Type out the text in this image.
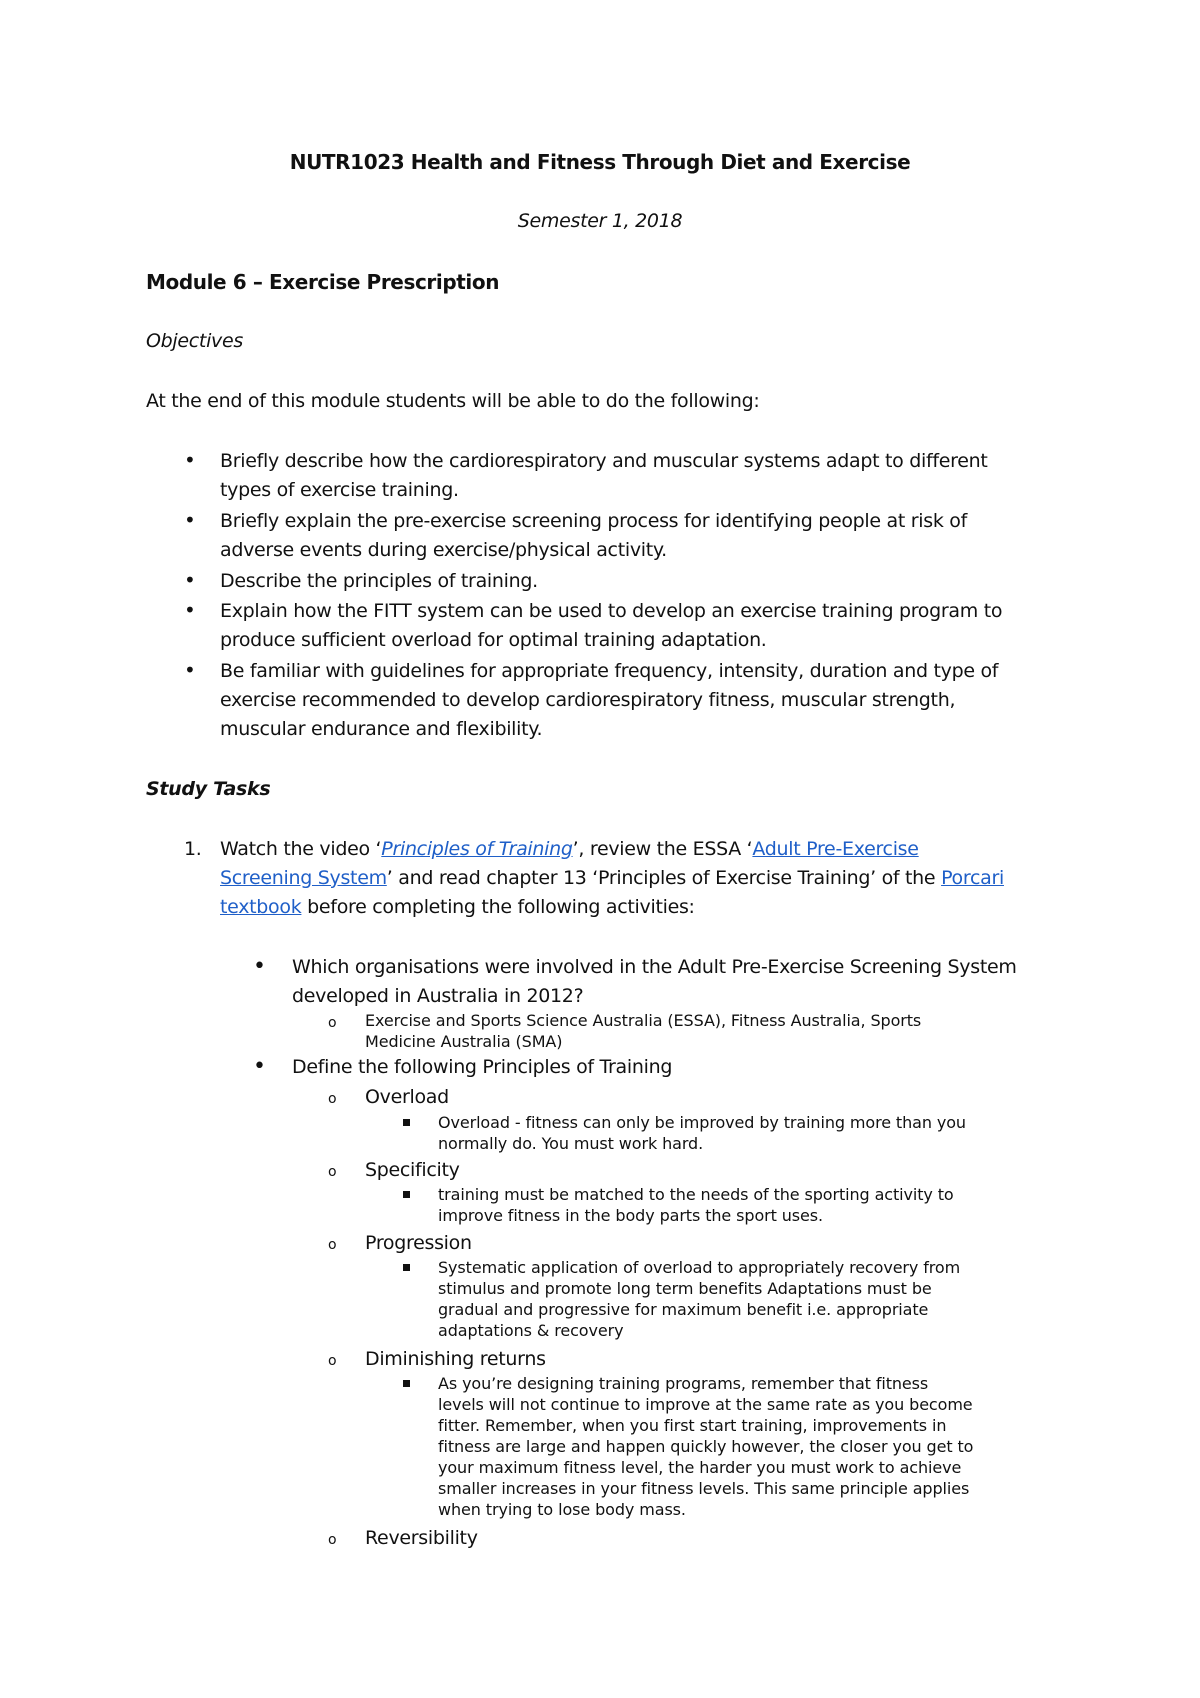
NUTR1023 Health and Fitness Through Diet and Exercise
Semester 1, 2018
Module 6 – Exercise Prescription
Objectives
At the end of this module students will be able to do the following:
• Briefly describe how the cardiorespiratory and muscular systems adapt to different
types of exercise training.
• Briefly explain the pre-exercise screening process for identifying people at risk of
adverse events during exercise/physical activity.
• Describe the principles of training.
• Explain how the FITT system can be used to develop an exercise training program to
produce sufficient overload for optimal training adaptation.
• Be familiar with guidelines for appropriate frequency, intensity, duration and type of
exercise recommended to develop cardiorespiratory fitness, muscular strength,
muscular endurance and flexibility.
Study Tasks
1. Watch the video ‘Principles of Training’, review the ESSA ‘Adult Pre-Exercise
Screening System’ and read chapter 13 ‘Principles of Exercise Training’ of the Porcari
textbook before completing the following activities:
• Which organisations were involved in the Adult Pre-Exercise Screening System
developed in Australia in 2012?
o Exercise and Sports Science Australia (ESSA), Fitness Australia, Sports
Medicine Australia (SMA)
• Define the following Principles of Training
o Overload
Overload - fitness can only be improved by training more than you
normally do. You must work hard.
o Specificity
training must be matched to the needs of the sporting activity to
improve fitness in the body parts the sport uses.
o Progression
Systematic application of overload to appropriately recovery from
stimulus and promote long term benefits Adaptations must be
gradual and progressive for maximum benefit i.e. appropriate
adaptations & recovery
o Diminishing returns
As you’re designing training programs, remember that fitness
levels will not continue to improve at the same rate as you become
fitter. Remember, when you first start training, improvements in
fitness are large and happen quickly however, the closer you get to
your maximum fitness level, the harder you must work to achieve
smaller increases in your fitness levels. This same principle applies
when trying to lose body mass.
o Reversibility
